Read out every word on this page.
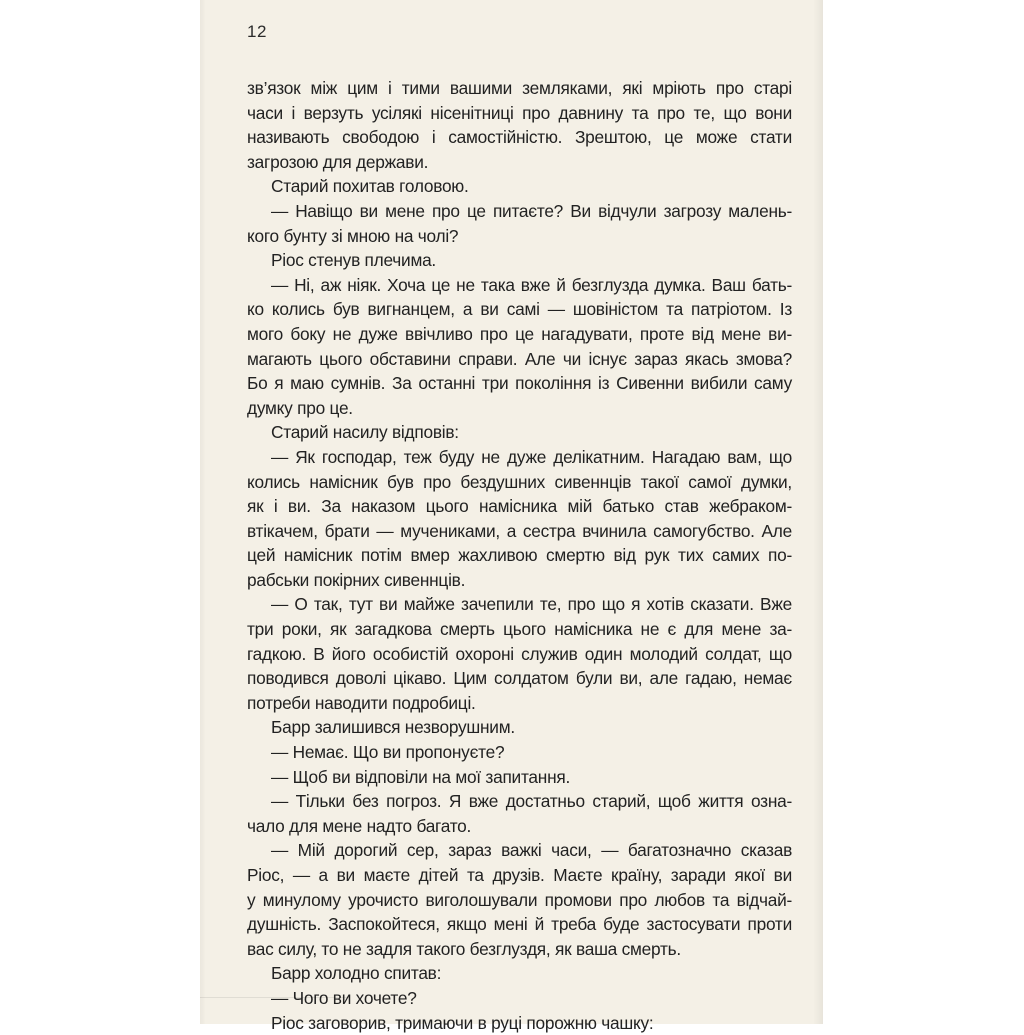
12
зв’язок між цим і тими вашими земляками, які мріють про старі
часи і верзуть усілякі нісенітниці про давнину та про те, що вони
називають свободою і самостійністю. Зрештою, це може стати
загрозою для держави.
Старий похитав головою.
— Навіщо ви мене про це питаєте? Ви відчули загрозу малень-
кого бунту зі мною на чолі?
Ріос стенув плечима.
— Ні, аж ніяк. Хоча це не така вже й безглузда думка. Ваш бать-
ко колись був вигнанцем, а ви самі — шовіністом та патріотом. Із
мого боку не дуже ввічливо про це нагадувати, проте від мене ви-
магають цього обставини справи. Але чи існує зараз якась змова?
Бо я маю сумнів. За останні три покоління із Сивенни вибили саму
думку про це.
Старий насилу відповів:
— Як господар, теж буду не дуже делікатним. Нагадаю вам, що
колись намісник був про бездушних сивеннців такої самої думки,
як і ви. За наказом цього намісника мій батько став жебраком-
втікачем, брати — мучениками, а сестра вчинила самогубство. Але
цей намісник потім вмер жахливою смертю від рук тих самих по-
рабськи покірних сивеннців.
— О так, тут ви майже зачепили те, про що я хотів сказати. Вже
три роки, як загадкова смерть цього намісника не є для мене за-
гадкою. В його особистій охороні служив один молодий солдат, що
поводився доволі цікаво. Цим солдатом були ви, але гадаю, немає
потреби наводити подробиці.
Барр залишився незворушним.
— Немає. Що ви пропонуєте?
— Щоб ви відповіли на мої запитання.
— Тільки без погроз. Я вже достатньо старий, щоб життя озна-
чало для мене надто багато.
— Мій дорогий сер, зараз важкі часи, — багатозначно сказав
Ріос, — а ви маєте дітей та друзів. Маєте країну, заради якої ви
у минулому урочисто виголошували промови про любов та відчай-
душність. Заспокойтеся, якщо мені й треба буде застосувати проти
вас силу, то не задля такого безглуздя, як ваша смерть.
Барр холодно спитав:
— Чого ви хочете?
Ріос заговорив, тримаючи в руці порожню чашку:
